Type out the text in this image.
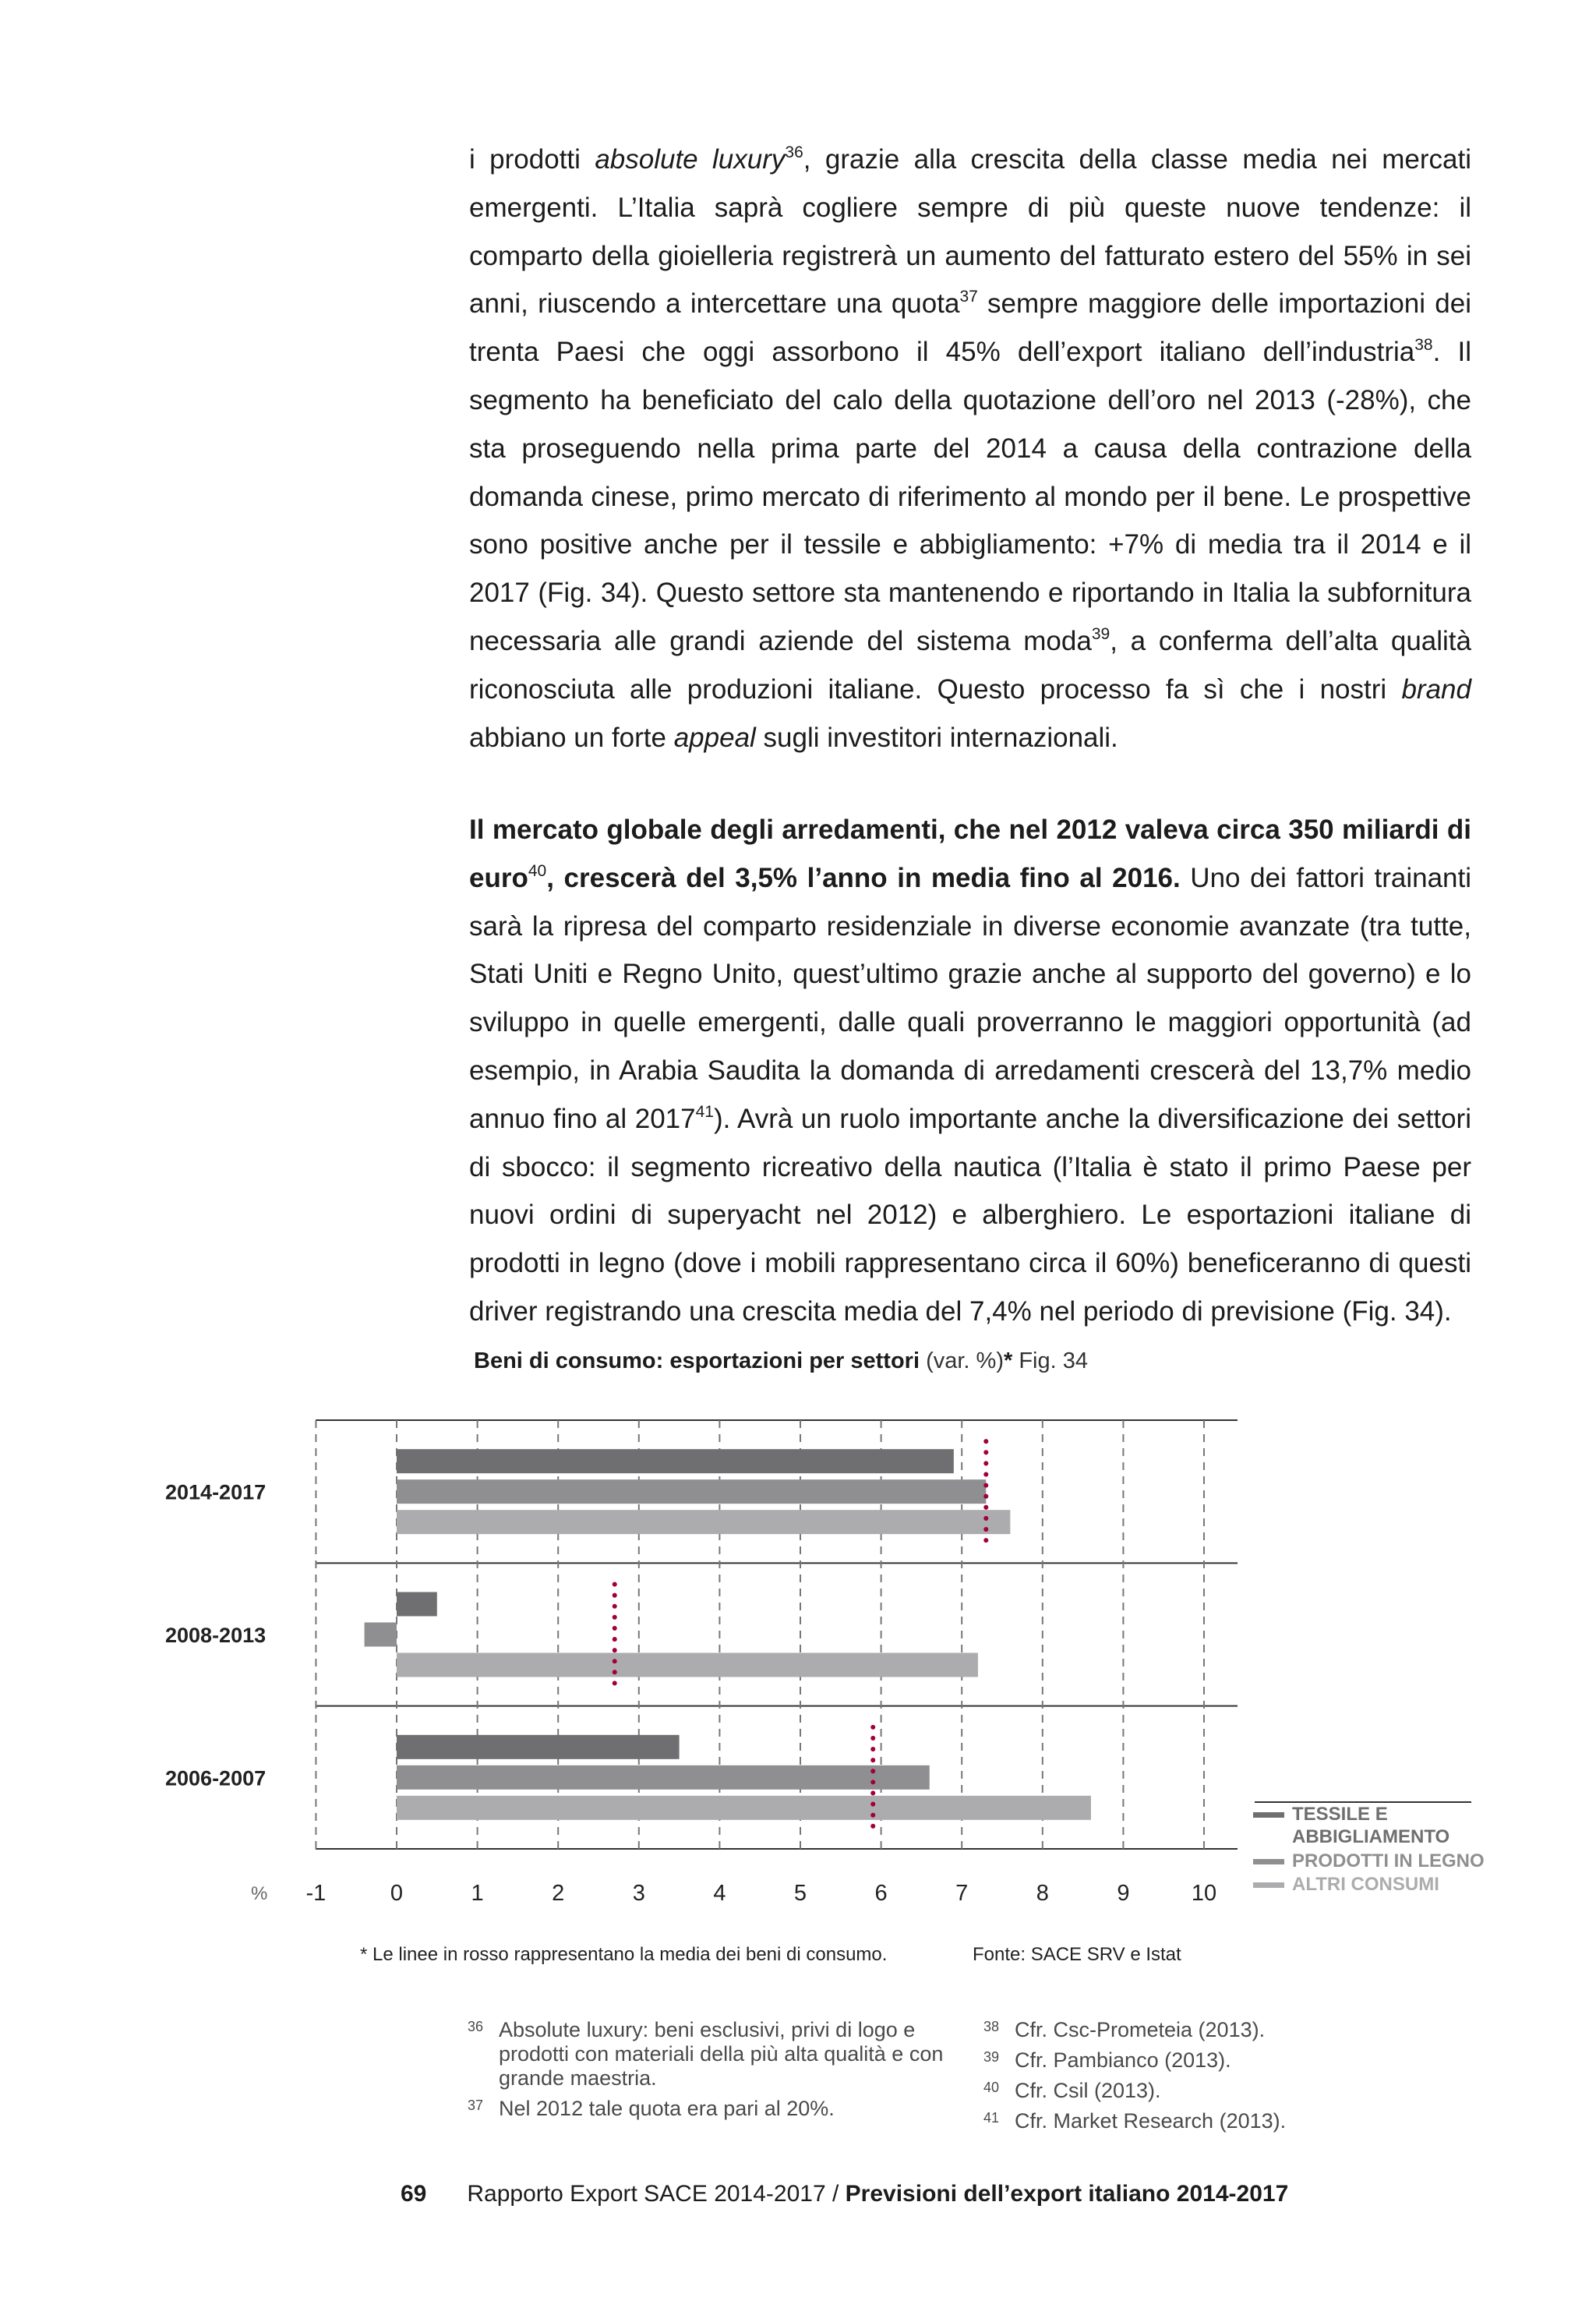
i prodotti absolute luxury$^{36}$, grazie alla crescita della classe media nei mercati emergenti. L’Italia saprà cogliere sempre di più queste nuove tendenze: il comparto della gioielleria registrerà un aumento del fatturato estero del 55% in sei anni, riuscendo a intercettare una quota$^{37}$ sempre maggiore delle importazioni dei trenta Paesi che oggi assorbono il 45% dell’export italiano dell’industria$^{38}$. Il segmento ha beneficiato del calo della quotazione dell’oro nel 2013 (-28%), che sta proseguendo nella prima parte del 2014 a causa della contrazione della domanda cinese, primo mercato di riferimento al mondo per il bene. Le prospettive sono positive anche per il tessile e abbigliamento: +7% di media tra il 2014 e il 2017 (Fig. 34). Questo settore sta mantenendo e riportando in Italia la subfornitura necessaria alle grandi aziende del sistema moda$^{39}$, a conferma dell’alta qualità riconosciuta alle produzioni italiane. Questo processo fa sì che i nostri brand abbiano un forte appeal sugli investitori internazionali.

Il mercato globale degli arredamenti, che nel 2012 valeva circa 350 miliardi di euro$^{40}$, crescerà del 3,5% l’anno in media fino al 2016. Uno dei fattori trainanti sarà la ripresa del comparto residenziale in diverse economie avanzate (tra tutte, Stati Uniti e Regno Unito, quest’ultimo grazie anche al supporto del governo) e lo sviluppo in quelle emergenti, dalle quali proverranno le maggiori opportunità (ad esempio, in Arabia Saudita la domanda di arredamenti crescerà del 13,7% medio annuo fino al 2017$^{41}$). Avrà un ruolo importante anche la diversificazione dei settori di sbocco: il segmento ricreativo della nautica (l’Italia è stato il primo Paese per nuovi ordini di superyacht nel 2012) e alberghiero. Le esportazioni italiane di prodotti in legno (dove i mobili rappresentano circa il 60%) beneficeranno di questi driver registrando una crescita media del 7,4% nel periodo di previsione (Fig. 34).

Beni di consumo: esportazioni per settori (var. %)* Fig. 34
2014-2017
2008-2013
2006-2007
-1	0	1	2	3	4	5	6	7	8	9	10
%
TESSILE E ABBIGLIAMENTO
PRODOTTI IN LEGNO
ALTRI CONSUMI
* Le linee in rosso rappresentano la media dei beni di consumo.	Fonte: SACE SRV e Istat
36 Absolute luxury: beni esclusivi, privi di logo e prodotti con materiali della più alta qualità e con grande maestria.
37 Nel 2012 tale quota era pari al 20%.
38 Cfr. Csc-Prometeia (2013).
39 Cfr. Pambianco (2013).
40 Cfr. Csil (2013).
41 Cfr. Market Research (2013).
69 Rapporto Export SACE 2014-2017 / Previsioni dell’export italiano 2014-2017
